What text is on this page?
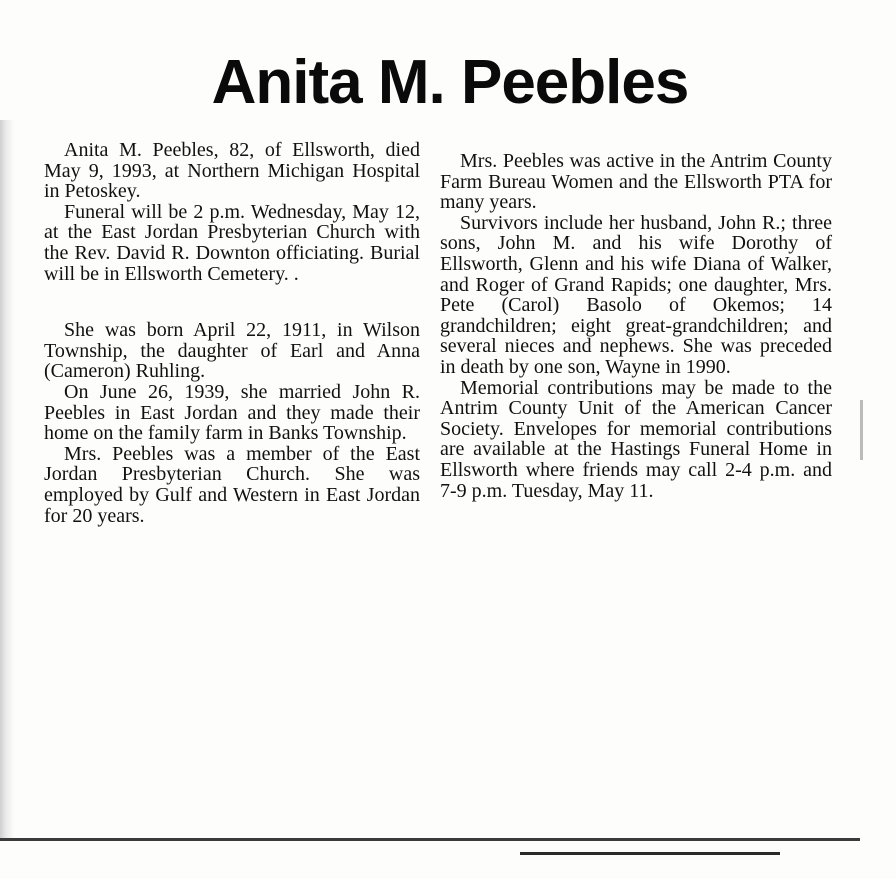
Anita M. Peebles

Anita M. Peebles, 82, of Ellsworth, died May 9, 1993, at Northern Michigan Hospital in Petoskey.

Funeral will be 2 p.m. Wednesday, May 12, at the East Jordan Presbyterian Church with the Rev. David R. Downton officiating. Burial will be in Ellsworth Cemetery. .

She was born April 22, 1911, in Wilson Township, the daughter of Earl and Anna (Cameron) Ruhling.

On June 26, 1939, she married John R. Peebles in East Jordan and they made their home on the family farm in Banks Township.

Mrs. Peebles was a member of the East Jordan Presbyterian Church. She was employed by Gulf and Western in East Jordan for 20 years.

Mrs. Peebles was active in the Antrim County Farm Bureau Women and the Ellsworth PTA for many years.

Survivors include her husband, John R.; three sons, John M. and his wife Dorothy of Ellsworth, Glenn and his wife Diana of Walker, and Roger of Grand Rapids; one daughter, Mrs. Pete (Carol) Basolo of Okemos; 14 grandchildren; eight great-grandchildren; and several nieces and nephews. She was preceded in death by one son, Wayne in 1990.

Memorial contributions may be made to the Antrim County Unit of the American Cancer Society. Envelopes for memorial contributions are available at the Hastings Funeral Home in Ellsworth where friends may call 2-4 p.m. and 7-9 p.m. Tuesday, May 11.
